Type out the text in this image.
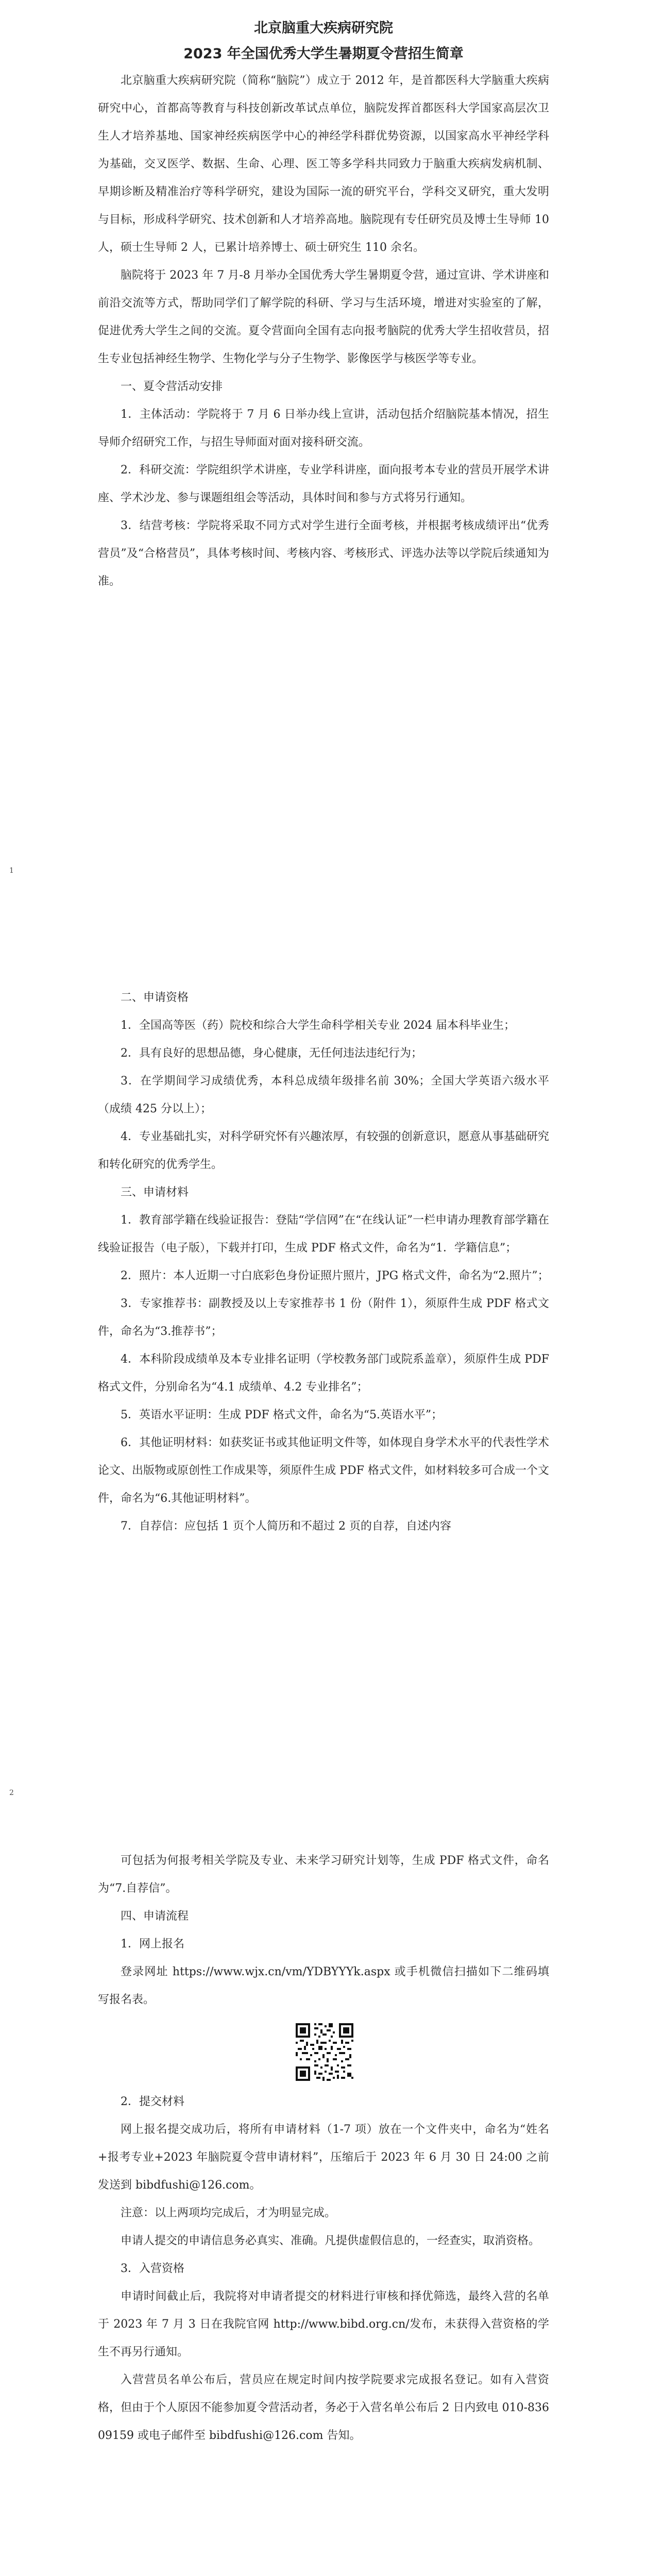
北京脑重大疾病研究院

2023 年全国优秀大学生暑期夏令营招生简章

北京脑重大疾病研究院（简称“脑院”）成立于 2012 年，是首都医科大学脑重大疾病研究中心，首都高等教育与科技创新改革试点单位，脑院发挥首都医科大学国家高层次卫生人才培养基地、国家神经疾病医学中心的神经学科群优势资源，以国家高水平神经学科为基础，交叉医学、数据、生命、心理、医工等多学科共同致力于脑重大疾病发病机制、早期诊断及精准治疗等科学研究，建设为国际一流的研究平台，学科交叉研究，重大发明与目标，形成科学研究、技术创新和人才培养高地。脑院现有专任研究员及博士生导师 10 人，硕士生导师 2 人，已累计培养博士、硕士研究生 110 余名。

脑院将于 2023 年 7 月-8 月举办全国优秀大学生暑期夏令营，通过宣讲、学术讲座和前沿交流等方式，帮助同学们了解学院的科研、学习与生活环境，增进对实验室的了解，促进优秀大学生之间的交流。夏令营面向全国有志向报考脑院的优秀大学生招收营员，招生专业包括神经生物学、生物化学与分子生物学、影像医学与核医学等专业。

一、夏令营活动安排

1．主体活动：学院将于 7 月 6 日举办线上宣讲，活动包括介绍脑院基本情况，招生导师介绍研究工作，与招生导师面对面对接科研交流。

2．科研交流：学院组织学术讲座，专业学科讲座，面向报考本专业的营员开展学术讲座、学术沙龙、参与课题组组会等活动，具体时间和参与方式将另行通知。

3．结营考核：学院将采取不同方式对学生进行全面考核，并根据考核成绩评出“优秀营员”及“合格营员”，具体考核时间、考核内容、考核形式、评选办法等以学院后续通知为准。

1

二、申请资格

1．全国高等医（药）院校和综合大学生命科学相关专业 2024 届本科毕业生；

2．具有良好的思想品德，身心健康，无任何违法违纪行为；

3．在学期间学习成绩优秀，本科总成绩年级排名前 30%；全国大学英语六级水平（成绩 425 分以上）；

4．专业基础扎实，对科学研究怀有兴趣浓厚，有较强的创新意识，愿意从事基础研究和转化研究的优秀学生。

三、申请材料

1．教育部学籍在线验证报告：登陆“学信网”在“在线认证”一栏申请办理教育部学籍在线验证报告（电子版），下载并打印，生成 PDF 格式文件，命名为“1．学籍信息”；

2．照片：本人近期一寸白底彩色身份证照片照片，JPG 格式文件，命名为“2.照片”；

3．专家推荐书：副教授及以上专家推荐书 1 份（附件 1），须原件生成 PDF 格式文件，命名为“3.推荐书”；

4．本科阶段成绩单及本专业排名证明（学校教务部门或院系盖章），须原件生成 PDF 格式文件，分别命名为“4.1 成绩单、4.2 专业排名”；

5．英语水平证明：生成 PDF 格式文件，命名为“5.英语水平”；

6．其他证明材料：如获奖证书或其他证明文件等，如体现自身学术水平的代表性学术论文、出版物或原创性工作成果等，须原件生成 PDF 格式文件，如材料较多可合成一个文件，命名为“6.其他证明材料”。

7．自荐信：应包括 1 页个人简历和不超过 2 页的自荐，自述内容

2

可包括为何报考相关学院及专业、未来学习研究计划等，生成 PDF 格式文件，命名为“7.自荐信”。

四、申请流程

1．网上报名

登录网址 https://www.wjx.cn/vm/YDBYYYk.aspx 或手机微信扫描如下二维码填写报名表。

2．提交材料

网上报名提交成功后，将所有申请材料（1-7 项）放在一个文件夹中，命名为“姓名+报考专业+2023 年脑院夏令营申请材料”，压缩后于 2023 年 6 月 30 日 24:00 之前发送到 bibdfushi@126.com。

注意：以上两项均完成后，才为明显完成。

申请人提交的申请信息务必真实、准确。凡提供虚假信息的，一经查实，取消资格。

3．入营资格

申请时间截止后，我院将对申请者提交的材料进行审核和择优筛选，最终入营的名单于 2023 年 7 月 3 日在我院官网 http://www.bibd.org.cn/发布，未获得入营资格的学生不再另行通知。

入营营员名单公布后，营员应在规定时间内按学院要求完成报名登记。如有入营资格，但由于个人原因不能参加夏令营活动者，务必于入营名单公布后 2 日内致电 010-83609159 或电子邮件至 bibdfushi@126.com 告知。
